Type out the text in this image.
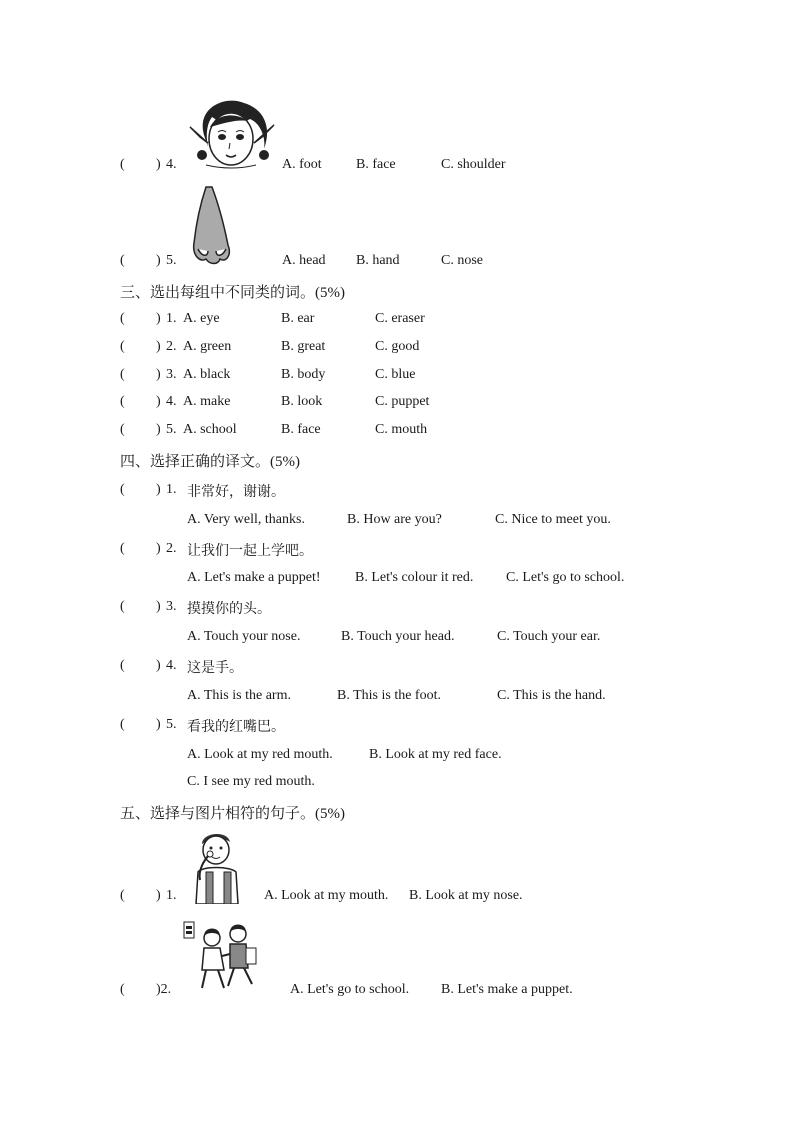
( ) 4.	A. foot B. face	C. shoulder
( ) 5.	A. head B. hand	C. nose
三、选出每组中不同类的词。(5%)
( ) 1. A. eye	B. ear	C. eraser
( ) 2. A. green	B. great	C. good
( ) 3. A. black	B. body	C. blue
( ) 4. A. make	B. look	C. puppet
( ) 5. A. school	B. face	C. mouth
四、选择正确的译文。(5%)
( ) 1. 非常好，谢谢。
A. Very well, thanks.	B. How are you?	C. Nice to meet you.
( ) 2. 让我们一起上学吧。
A. Let's make a puppet! B. Let's colour it red. C. Let's go to school.
( ) 3. 摸摸你的头。
A. Touch your nose.	B. Touch your head.	C. Touch your ear.
( ) 4. 这是手。
A. This is the arm.	B. This is the foot.	C. This is the hand.
( ) 5. 看我的红嘴巴。
A. Look at my red mouth.	B. Look at my red face.
C. I see my red mouth.
五、选择与图片相符的句子。(5%)
( ) 1.	A. Look at my mouth. B. Look at my nose.
( )2.	A. Let's go to school. B. Let's make a puppet.
